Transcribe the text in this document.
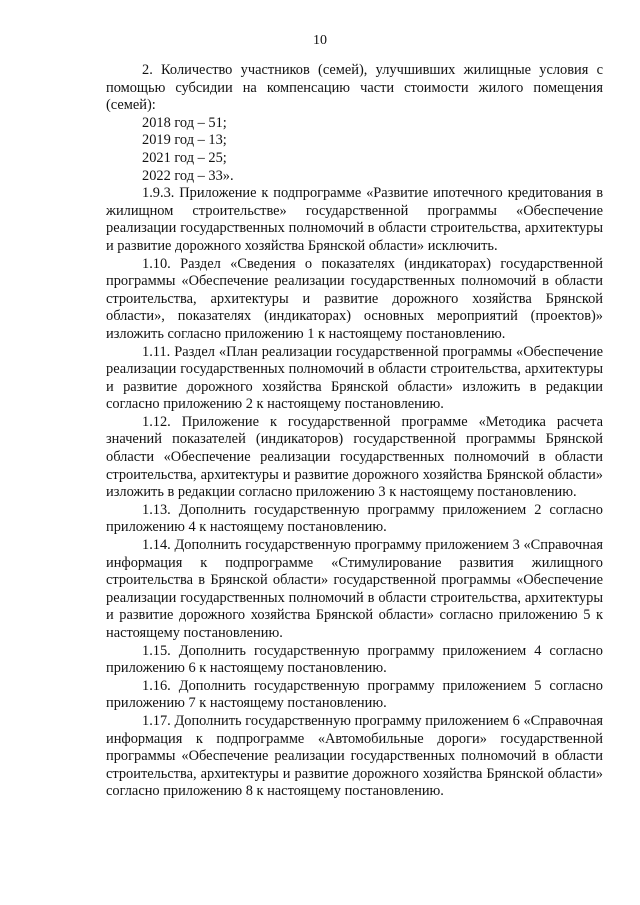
10

2. Количество участников (семей), улучшивших жилищные условия с помощью субсидии на компенсацию части стоимости жилого помещения (семей):

2018 год – 51;

2019 год – 13;

2021 год – 25;

2022 год – 33».

1.9.3. Приложение к подпрограмме «Развитие ипотечного кредитования в жилищном строительстве» государственной программы «Обеспечение реализации государственных полномочий в области строительства, архитектуры и развитие дорожного хозяйства Брянской области» исключить.

1.10. Раздел «Сведения о показателях (индикаторах) государственной программы «Обеспечение реализации государственных полномочий в области строительства, архитектуры и развитие дорожного хозяйства Брянской области», показателях (индикаторах) основных мероприятий (проектов)» изложить согласно приложению 1 к настоящему постановлению.

1.11. Раздел «План реализации государственной программы «Обеспечение реализации государственных полномочий в области строительства, архитектуры и развитие дорожного хозяйства Брянской области» изложить в редакции согласно приложению 2 к настоящему постановлению.

1.12. Приложение к государственной программе «Методика расчета значений показателей (индикаторов) государственной программы Брянской области «Обеспечение реализации государственных полномочий в области строительства, архитектуры и развитие дорожного хозяйства Брянской области» изложить в редакции согласно приложению 3 к настоящему постановлению.

1.13. Дополнить государственную программу приложением 2 согласно приложению 4 к настоящему постановлению.

1.14. Дополнить государственную программу приложением 3 «Справочная информация к подпрограмме «Стимулирование развития жилищного строительства в Брянской области» государственной программы «Обеспечение реализации государственных полномочий в области строительства, архитектуры и развитие дорожного хозяйства Брянской области» согласно приложению 5 к настоящему постановлению.

1.15. Дополнить государственную программу приложением 4 согласно приложению 6 к настоящему постановлению.

1.16. Дополнить государственную программу приложением 5 согласно приложению 7 к настоящему постановлению.

1.17. Дополнить государственную программу приложением 6 «Справочная информация к подпрограмме «Автомобильные дороги» государственной программы «Обеспечение реализации государственных полномочий в области строительства, архитектуры и развитие дорожного хозяйства Брянской области» согласно приложению 8 к настоящему постановлению.
